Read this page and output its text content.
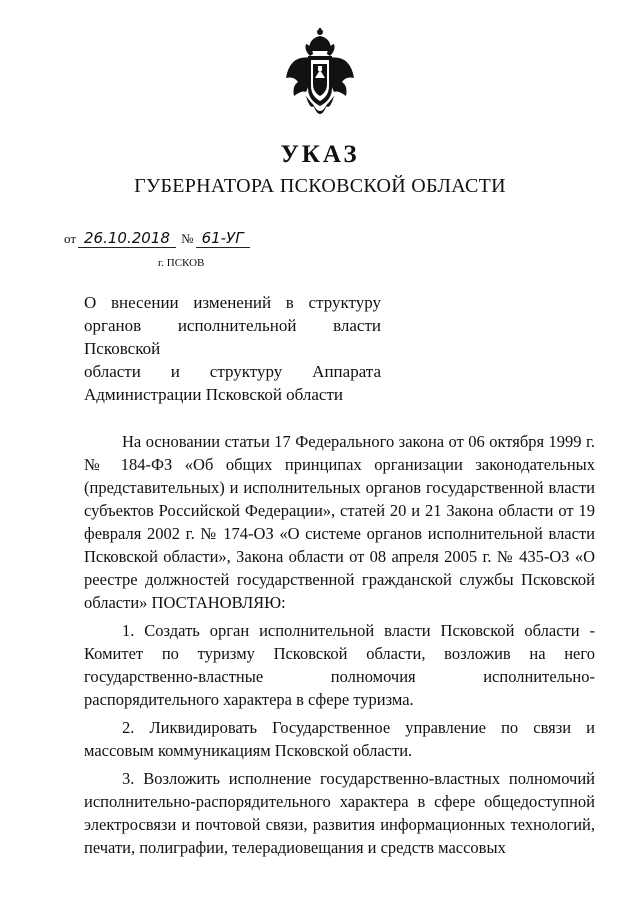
УКАЗ
ГУБЕРНАТОРА ПСКОВСКОЙ ОБЛАСТИ
от 26.10.2018 № 61-УГ
г. ПСКОВ
О внесении изменений в структуру
органов исполнительной власти Псковской
области и структуру Аппарата
Администрации Псковской области

На основании статьи 17 Федерального закона от 06 октября 1999 г. № 184-ФЗ «Об общих принципах организации законодательных (представительных) и исполнительных органов государственной власти субъектов Российской Федерации», статей 20 и 21 Закона области от 19 февраля 2002 г. № 174-ОЗ «О системе органов исполнительной власти Псковской области», Закона области от 08 апреля 2005 г. № 435-ОЗ «О реестре должностей государственной гражданской службы Псковской области» ПОСТАНОВЛЯЮ:

1. Создать орган исполнительной власти Псковской области - Комитет по туризму Псковской области, возложив на него государственно-властные полномочия исполнительно-распорядительного характера в сфере туризма.

2. Ликвидировать Государственное управление по связи и массовым коммуникациям Псковской области.

3. Возложить исполнение государственно-властных полномочий исполнительно-распорядительного характера в сфере общедоступной электросвязи и почтовой связи, развития информационных технологий, печати, полиграфии, телерадиовещания и средств массовых
